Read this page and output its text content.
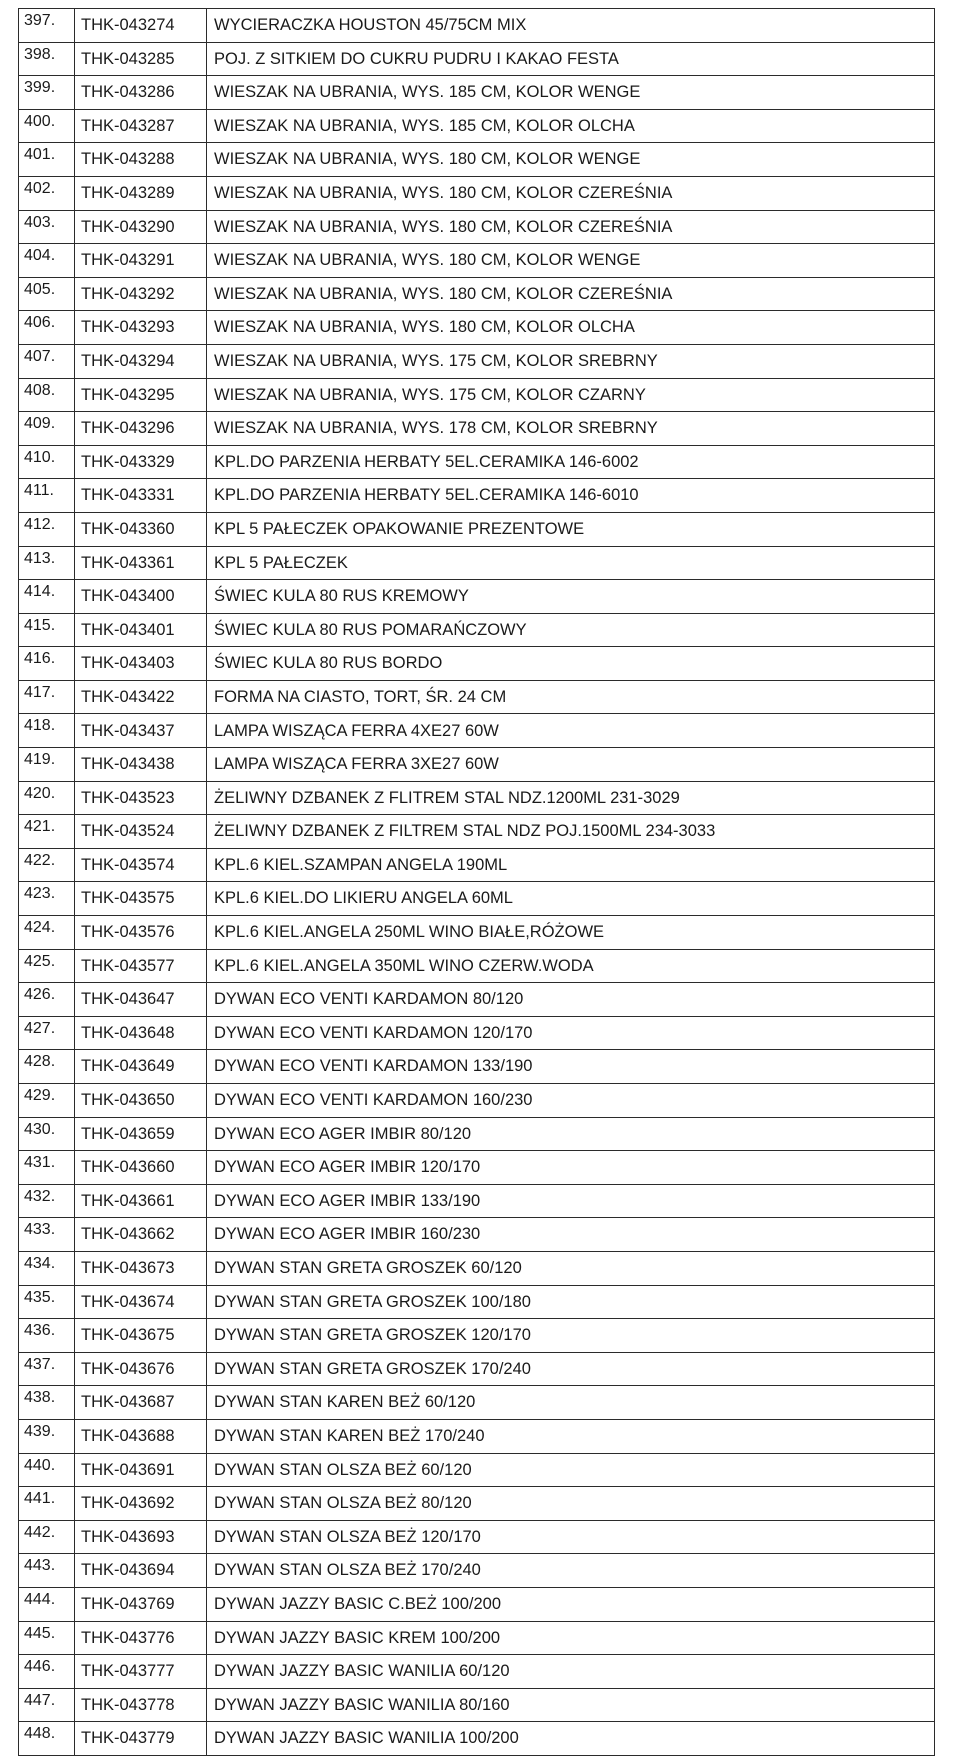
397.	THK-043274	WYCIERACZKA HOUSTON 45/75CM MIX
398.	THK-043285	POJ. Z SITKIEM DO CUKRU PUDRU I KAKAO FESTA
399.	THK-043286	WIESZAK NA UBRANIA, WYS. 185 CM, KOLOR WENGE
400.	THK-043287	WIESZAK NA UBRANIA, WYS. 185 CM, KOLOR OLCHA
401.	THK-043288	WIESZAK NA UBRANIA, WYS. 180 CM, KOLOR WENGE
402.	THK-043289	WIESZAK NA UBRANIA, WYS. 180 CM, KOLOR CZEREŚNIA
403.	THK-043290	WIESZAK NA UBRANIA, WYS. 180 CM, KOLOR CZEREŚNIA
404.	THK-043291	WIESZAK NA UBRANIA, WYS. 180 CM, KOLOR WENGE
405.	THK-043292	WIESZAK NA UBRANIA, WYS. 180 CM, KOLOR CZEREŚNIA
406.	THK-043293	WIESZAK NA UBRANIA, WYS. 180 CM, KOLOR OLCHA
407.	THK-043294	WIESZAK NA UBRANIA, WYS. 175 CM, KOLOR SREBRNY
408.	THK-043295	WIESZAK NA UBRANIA, WYS. 175 CM, KOLOR CZARNY
409.	THK-043296	WIESZAK NA UBRANIA, WYS. 178 CM, KOLOR SREBRNY
410.	THK-043329	KPL.DO PARZENIA HERBATY 5EL.CERAMIKA 146-6002
411.	THK-043331	KPL.DO PARZENIA HERBATY 5EL.CERAMIKA 146-6010
412.	THK-043360	KPL 5 PAŁECZEK OPAKOWANIE PREZENTOWE
413.	THK-043361	KPL 5 PAŁECZEK
414.	THK-043400	ŚWIEC KULA 80 RUS KREMOWY
415.	THK-043401	ŚWIEC KULA 80 RUS POMARAŃCZOWY
416.	THK-043403	ŚWIEC KULA 80 RUS BORDO
417.	THK-043422	FORMA NA CIASTO, TORT, ŚR. 24 CM
418.	THK-043437	LAMPA WISZĄCA FERRA 4XE27 60W
419.	THK-043438	LAMPA WISZĄCA FERRA 3XE27 60W
420.	THK-043523	ŻELIWNY DZBANEK Z FLITREM STAL NDZ.1200ML 231-3029
421.	THK-043524	ŻELIWNY DZBANEK Z FILTREM STAL NDZ POJ.1500ML 234-3033
422.	THK-043574	KPL.6 KIEL.SZAMPAN ANGELA 190ML
423.	THK-043575	KPL.6 KIEL.DO LIKIERU ANGELA 60ML
424.	THK-043576	KPL.6 KIEL.ANGELA 250ML WINO BIAŁE,RÓŻOWE
425.	THK-043577	KPL.6 KIEL.ANGELA 350ML WINO CZERW.WODA
426.	THK-043647	DYWAN ECO VENTI KARDAMON 80/120
427.	THK-043648	DYWAN ECO VENTI KARDAMON 120/170
428.	THK-043649	DYWAN ECO VENTI KARDAMON 133/190
429.	THK-043650	DYWAN ECO VENTI KARDAMON 160/230
430.	THK-043659	DYWAN ECO AGER IMBIR 80/120
431.	THK-043660	DYWAN ECO AGER IMBIR 120/170
432.	THK-043661	DYWAN ECO AGER IMBIR 133/190
433.	THK-043662	DYWAN ECO AGER IMBIR 160/230
434.	THK-043673	DYWAN STAN GRETA GROSZEK 60/120
435.	THK-043674	DYWAN STAN GRETA GROSZEK 100/180
436.	THK-043675	DYWAN STAN GRETA GROSZEK 120/170
437.	THK-043676	DYWAN STAN GRETA GROSZEK 170/240
438.	THK-043687	DYWAN STAN KAREN BEŻ 60/120
439.	THK-043688	DYWAN STAN KAREN BEŻ 170/240
440.	THK-043691	DYWAN STAN OLSZA BEŻ 60/120
441.	THK-043692	DYWAN STAN OLSZA BEŻ 80/120
442.	THK-043693	DYWAN STAN OLSZA BEŻ 120/170
443.	THK-043694	DYWAN STAN OLSZA BEŻ 170/240
444.	THK-043769	DYWAN JAZZY BASIC C.BEŻ 100/200
445.	THK-043776	DYWAN JAZZY BASIC KREM 100/200
446.	THK-043777	DYWAN JAZZY BASIC WANILIA 60/120
447.	THK-043778	DYWAN JAZZY BASIC WANILIA 80/160
448.	THK-043779	DYWAN JAZZY BASIC WANILIA 100/200
